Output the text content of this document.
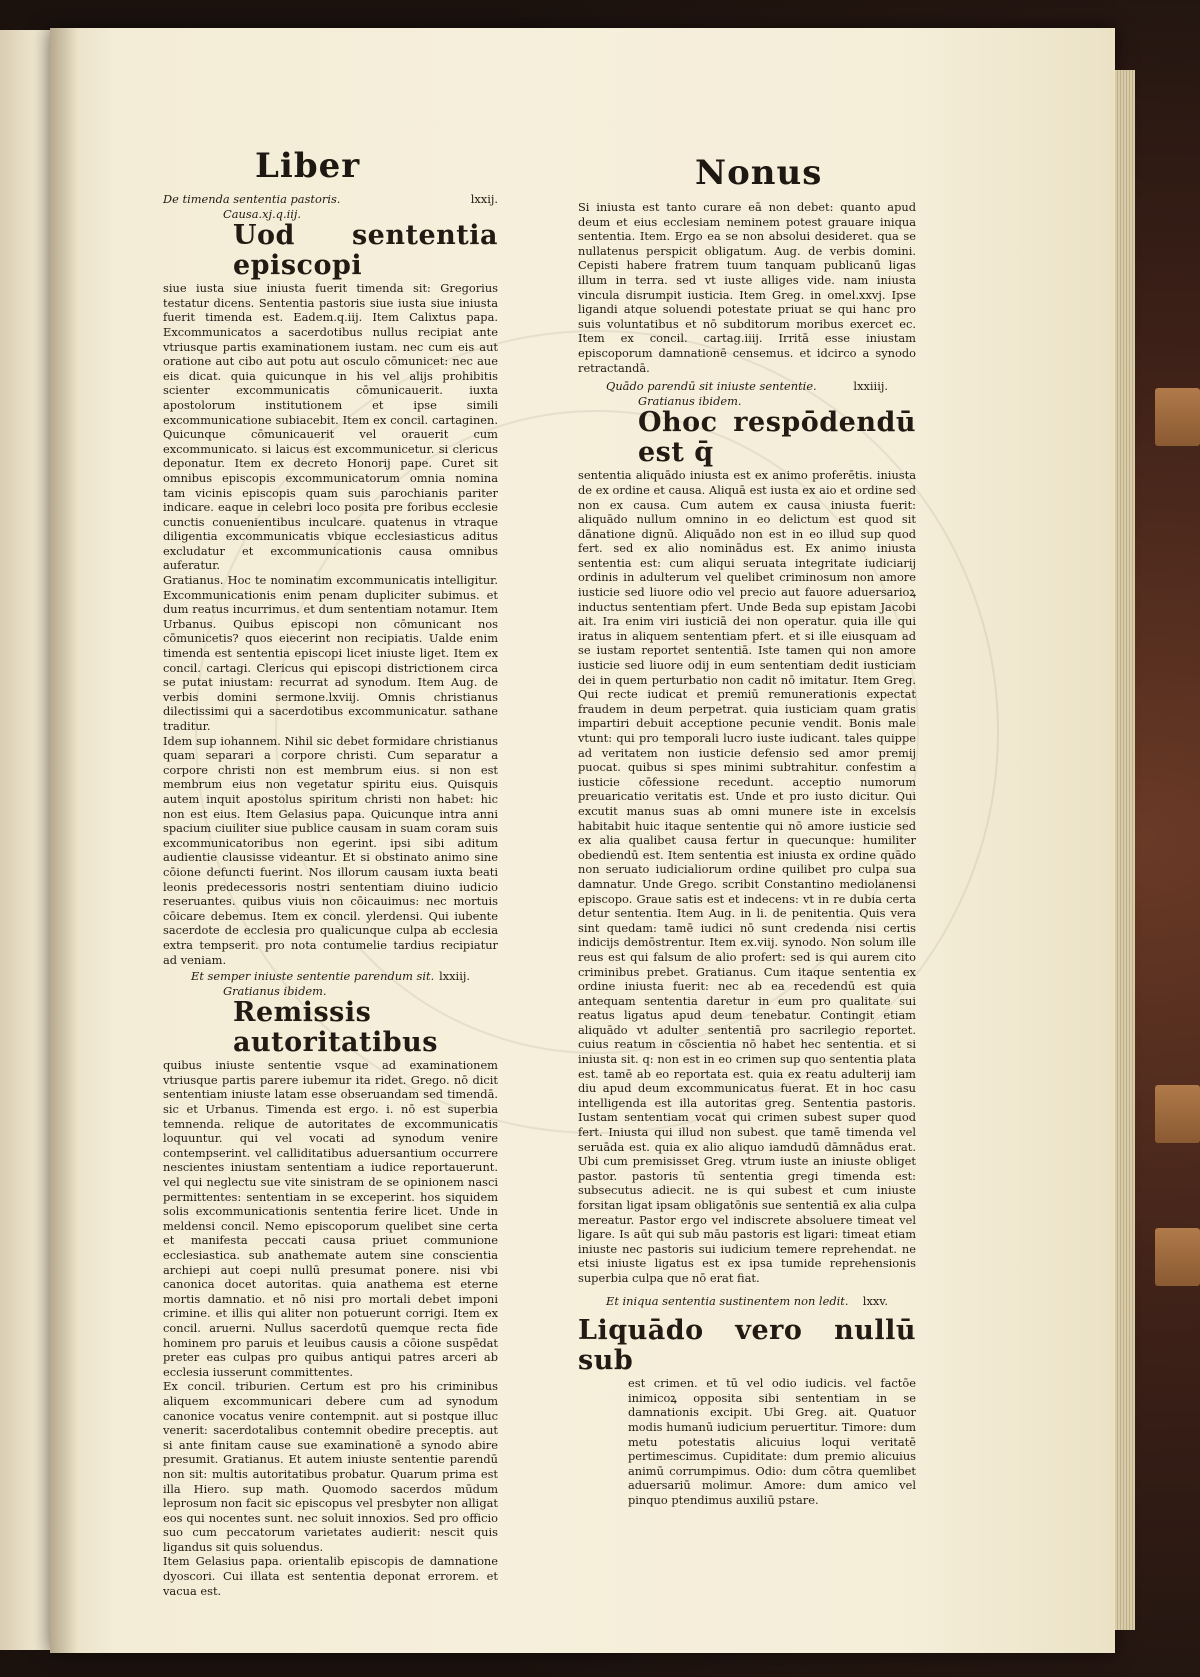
Liber	Nonus

De timenda sententia pastoris.	lxxij.

Causa.xj.q.iij.

Uod sententia episcopi

siue iusta siue iniusta fuerit timenda sit: Gregorius testatur dicens. Sententia pastoris siue iusta siue iniusta fuerit timenda est. Eadem.q.iij. Item Calixtus papa. Excommunicatos a sacerdotibus nullus recipiat ante vtriusque partis examinationem iustam. nec cum eis aut oratione aut cibo aut potu aut osculo cōmunicet: nec aue eis dicat. quia quicunque in his vel alijs prohibitis scienter excommunicatis cōmunicauerit. iuxta apostolorum institutionem et ipse simili excommunicatione subiacebit. Item ex concil. cartaginen. Quicunque cōmunicauerit vel orauerit cum excommunicato. si laicus est excommunicetur. si clericus deponatur. Item ex decreto Honorij pape. Curet sit omnibus episcopis excommunicatorum omnia nomina tam vicinis episcopis quam suis parochianis pariter indicare. eaque in celebri loco posita pre foribus ecclesie cunctis conuenientibus inculcare. quatenus in vtraque diligentia excommunicatis vbique ecclesiasticus aditus excludatur et excommunicationis causa omnibus auferatur.

Gratianus. Hoc te nominatim excommunicatis intelligitur. Excommunicationis enim penam dupliciter subimus. et dum reatus incurrimus. et dum sententiam notamur. Item Urbanus. Quibus episcopi non cōmunicant nos cōmunicetis? quos eiecerint non recipiatis. Ualde enim timenda est sententia episcopi licet iniuste liget. Item ex concil. cartagi. Clericus qui episcopi districtionem circa se putat iniustam: recurrat ad synodum. Item Aug. de verbis domini sermone.lxviij. Omnis christianus dilectissimi qui a sacerdotibus excommunicatur. sathane traditur.

Idem sup iohannem. Nihil sic debet formidare christianus quam separari a corpore christi. Cum separatur a corpore christi non est membrum eius. si non est membrum eius non vegetatur spiritu eius. Quisquis autem inquit apostolus spiritum christi non habet: hic non est eius. Item Gelasius papa. Quicunque intra anni spacium ciuiliter siue publice causam in suam coram suis excommunicatoribus non egerint. ipsi sibi aditum audientie clausisse videantur. Et si obstinato animo sine cōione defuncti fuerint. Nos illorum causam iuxta beati leonis predecessoris nostri sententiam diuino iudicio reseruantes. quibus viuis non cōicauimus: nec mortuis cōicare debemus. Item ex concil. ylerdensi. Qui iubente sacerdote de ecclesia pro qualicunque culpa ab ecclesia extra tempserit. pro nota contumelie tardius recipiatur ad veniam.

Et semper iniuste sententie parendum sit. lxxiij.

Gratianus ibidem.

Remissis autoritatibus

quibus iniuste sententie vsque ad examinationem vtriusque partis parere iubemur ita ridet. Grego. nō dicit sententiam iniuste latam esse obseruandam sed timendā. sic et Urbanus. Timenda est ergo. i. nō est superbia temnenda. relique de autoritates de excommunicatis loquuntur. qui vel vocati ad synodum venire contempserint. vel calliditatibus aduersantium occurrere nescientes iniustam sententiam a iudice reportauerunt. vel qui neglectu sue vite sinistram de se opinionem nasci permittentes: sententiam in se exceperint. hos siquidem solis excommunicationis sententia ferire licet. Unde in meldensi concil. Nemo episcoporum quelibet sine certa et manifesta peccati causa priuet communione ecclesiastica. sub anathemate autem sine conscientia archiepi aut coepi nullū presumat ponere. nisi vbi canonica docet autoritas. quia anathema est eterne mortis damnatio. et nō nisi pro mortali debet imponi crimine. et illis qui aliter non potuerunt corrigi. Item ex concil. aruerni. Nullus sacerdotū quemque recta fide hominem pro paruis et leuibus causis a cōione suspēdat preter eas culpas pro quibus antiqui patres arceri ab ecclesia iusserunt committentes.

Ex concil. triburien. Certum est pro his criminibus aliquem excommunicari debere cum ad synodum canonice vocatus venire contempnit. aut si postque illuc venerit: sacerdotalibus contemnit obedire preceptis. aut si ante finitam cause sue examinationē a synodo abire presumit. Gratianus. Et autem iniuste sententie parendū non sit: multis autoritatibus probatur. Quarum prima est illa Hiero. sup math. Quomodo sacerdos mūdum leprosum non facit sic episcopus vel presbyter non alligat eos qui nocentes sunt. nec soluit innoxios. Sed pro officio suo cum peccatorum varietates audierit: nescit quis ligandus sit quis soluendus.

Item Gelasius papa. orientalib episcopis de damnatione dyoscori. Cui illata est sententia deponat errorem. et vacua est.

Si iniusta est tanto curare eā non debet: quanto apud deum et eius ecclesiam neminem potest grauare iniqua sententia. Item. Ergo ea se non absolui desideret. qua se nullatenus perspicit obligatum. Aug. de verbis domini. Cepisti habere fratrem tuum tanquam publicanū ligas illum in terra. sed vt iuste alliges vide. nam iniusta vincula disrumpit iusticia. Item Greg. in omel.xxvj. Ipse ligandi atque soluendi potestate priuat se qui hanc pro suis voluntatibus et nō subditorum moribus exercet ec. Item ex concil. cartag.iiij. Irritā esse iniustam episcoporum damnationē censemus. et idcirco a synodo retractandā.

Quādo parendū sit iniuste sententie.	lxxiiij.

Gratianus ibidem.

Ohoc respōdendū est q̄

sententia aliquādo iniusta est ex animo proferētis. iniusta de ex ordine et causa. Aliquā est iusta ex aio et ordine sed non ex causa. Cum autem ex causa iniusta fuerit: aliquādo nullum omnino in eo delictum est quod sit dānatione dignū. Aliquādo non est in eo illud sup quod fert. sed ex alio nominādus est. Ex animo iniusta sententia est: cum aliqui seruata integritate iudiciarij ordinis in adulterum vel quelibet criminosum non amore iusticie sed liuore odio vel precio aut fauore aduersarioꝝ inductus sententiam pfert. Unde Beda sup epistam Jacobi ait. Ira enim viri iusticiā dei non operatur. quia ille qui iratus in aliquem sententiam pfert. et si ille eiusquam ad se iustam reportet sententiā. Iste tamen qui non amore iusticie sed liuore odij in eum sententiam dedit iusticiam dei in quem perturbatio non cadit nō imitatur. Item Greg. Qui recte iudicat et premiū remunerationis expectat fraudem in deum perpetrat. quia iusticiam quam gratis impartiri debuit acceptione pecunie vendit. Bonis male vtunt: qui pro temporali lucro iuste iudicant. tales quippe ad veritatem non iusticie defensio sed amor premij puocat. quibus si spes minimi subtrahitur. confestim a iusticie cōfessione recedunt. acceptio numorum preuaricatio veritatis est. Unde et pro iusto dicitur. Qui excutit manus suas ab omni munere iste in excelsis habitabit huic itaque sententie qui nō amore iusticie sed ex alia qualibet causa fertur in quecunque: humiliter obediendū est. Item sententia est iniusta ex ordine quādo non seruato iudicialiorum ordine quilibet pro culpa sua damnatur. Unde Grego. scribit Constantino mediolanensi episcopo. Graue satis est et indecens: vt in re dubia certa detur sententia. Item Aug. in li. de penitentia. Quis vera sint quedam: tamē iudici nō sunt credenda nisi certis indicijs demōstrentur. Item ex.viij. synodo. Non solum ille reus est qui falsum de alio profert: sed is qui aurem cito criminibus prebet. Gratianus. Cum itaque sententia ex ordine iniusta fuerit: nec ab ea recedendū est quia antequam sententia daretur in eum pro qualitate sui reatus ligatus apud deum tenebatur. Contingit etiam aliquādo vt adulter sententiā pro sacrilegio reportet. cuius reatum in cōscientia nō habet hec sententia. et si iniusta sit. q: non est in eo crimen sup quo sententia plata est. tamē ab eo reportata est. quia ex reatu adulterij iam diu apud deum excommunicatus fuerat. Et in hoc casu intelligenda est illa autoritas greg. Sententia pastoris. Iustam sententiam vocat qui crimen subest super quod fert. Iniusta qui illud non subest. que tamē timenda vel seruāda est. quia ex alio aliquo iamdudū dāmnādus erat. Ubi cum premisisset Greg. vtrum iuste an iniuste obliget pastor. pastoris tū sententia gregi timenda est: subsecutus adiecit. ne is qui subest et cum iniuste forsitan ligat ipsam obligatōnis sue sententiā ex alia culpa mereatur. Pastor ergo vel indiscrete absoluere timeat vel ligare. Is aūt qui sub māu pastoris est ligari: timeat etiam iniuste nec pastoris sui iudicium temere reprehendat. ne etsi iniuste ligatus est ex ipsa tumide reprehensionis superbia culpa que nō erat fiat.

Et iniqua sententia sustinentem non ledit. lxxv.

Liquādo vero nullū sub

est crimen. et tū vel odio iudicis. vel factōe inimicoꝝ opposita sibi sententiam in se damnationis excipit. Ubi Greg. ait. Quatuor modis humanū iudicium peruertitur. Timore: dum metu potestatis alicuius loqui veritatē pertimescimus. Cupiditate: dum premio alicuius animū corrumpimus. Odio: dum cōtra quemlibet aduersariū molimur. Amore: dum amico vel pinquo ptendimus auxiliū pstare.
